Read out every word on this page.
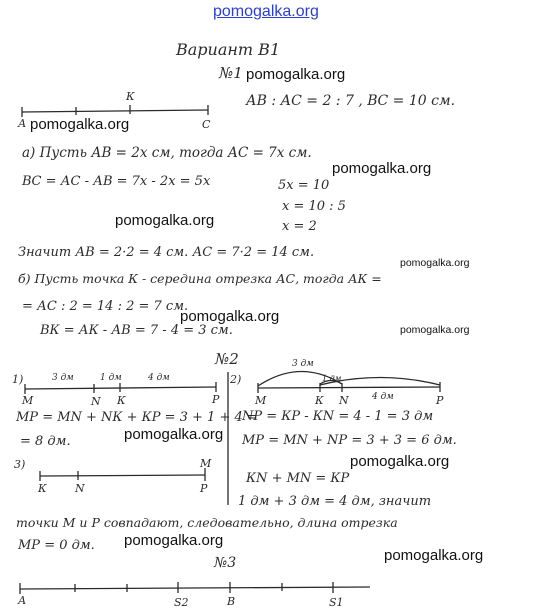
pomogalka.org
Вариант В1
№1
АВ : АС = 2 : 7 , ВС = 10 см.
А
К
С
а) Пусть АВ = 2х см, тогда АС = 7х см.
ВС = АС - АВ = 7х - 2х = 5х	5х = 10
х = 10 : 5
х = 2
Значит АВ = 2·2 = 4 см. АС = 7·2 = 14 см.
б) Пусть точка К - середина отрезка АС, тогда АК =
= АС : 2 = 14 : 2 = 7 см.
ВК = АК - АВ = 7 - 4 = 3 см.
№2
1)
М	N К	Р
3 дм	1 дм	4 дм	2)
М	N
К	Р
3 дм
1 дм
4 дм
МР = МN + NК + КР = 3 + 1 + 4 =
= 8 дм.
NР = КР - КN = 4 - 1 = 3 дм
МР = МN + NР = 3 + 3 = 6 дм.
3)
К	N
М
Р
КN + МN = КР
1 дм + 3 дм = 4 дм, значит
точки М и Р совпадают, следовательно, длина отрезка
МР = 0 дм.
№3
А	S2	В	S1
pomogalka.org
pomogalka.org
pomogalka.org
pomogalka.org
pomogalka.org
pomogalka.org
pomogalka.org
pomogalka.org
pomogalka.org
pomogalka.org
pomogalka.org
